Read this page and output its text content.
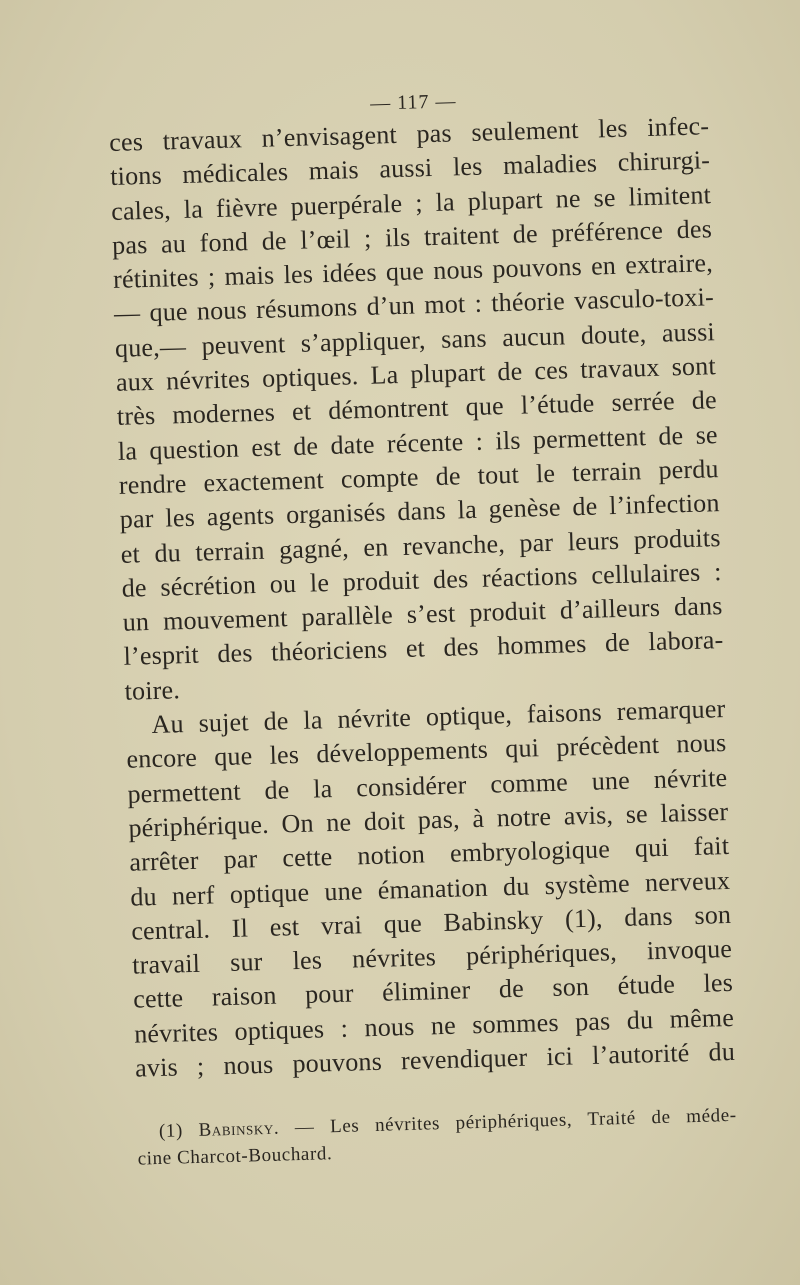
— 117 —
ces travaux n’envisagent pas seulement les infec-
tions médicales mais aussi les maladies chirurgi-
cales, la fièvre puerpérale ; la plupart ne se limitent
pas au fond de l’œil ; ils traitent de préférence des
rétinites ; mais les idées que nous pouvons en extraire,
— que nous résumons d’un mot : théorie vasculo-toxi-
que,— peuvent s’appliquer, sans aucun doute, aussi
aux névrites optiques. La plupart de ces travaux sont
très modernes et démontrent que l’étude serrée de
la question est de date récente : ils permettent de se
rendre exactement compte de tout le terrain perdu
par les agents organisés dans la genèse de l’infection
et du terrain gagné, en revanche, par leurs produits
de sécrétion ou le produit des réactions cellulaires :
un mouvement parallèle s’est produit d’ailleurs dans
l’esprit des théoriciens et des hommes de labora-
toire.
Au sujet de la névrite optique, faisons remarquer
encore que les développements qui précèdent nous
permettent de la considérer comme une névrite
périphérique. On ne doit pas, à notre avis, se laisser
arrêter par cette notion embryologique qui fait
du nerf optique une émanation du système nerveux
central. Il est vrai que Babinsky (1), dans son
travail sur les névrites périphériques, invoque
cette raison pour éliminer de son étude les
névrites optiques : nous ne sommes pas du même
avis ; nous pouvons revendiquer ici l’autorité du
(1) Babinsky. — Les névrites périphériques, Traité de méde-
cine Charcot-Bouchard.
